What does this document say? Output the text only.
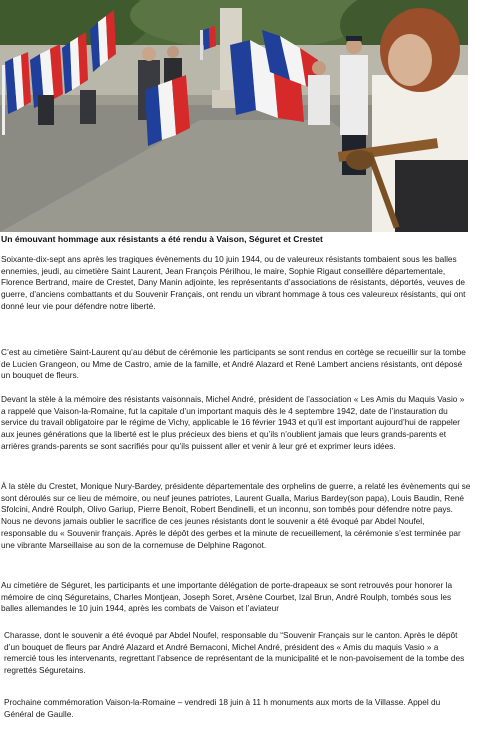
Un émouvant hommage aux résistants a été rendu à Vaison, Séguret et Crestet

Soixante-dix-sept ans après les tragiques évènements du 10 juin 1944, ou de valeureux résistants tombaient sous les balles ennemies, jeudi, au cimetière Saint Laurent, Jean François Périlhou, le maire, Sophie Rigaut conseillère départementale, Florence Bertrand, maire de Crestet, Dany Manin adjointe, les représentants d’associations de résistants, déportés, veuves de guerre, d’anciens combattants et du Souvenir Français, ont rendu un vibrant hommage à tous ces valeureux résistants, qui ont donné leur vie pour défendre notre liberté.

C’est au cimetière Saint-Laurent qu’au début de cérémonie les participants se sont rendus en cortège se recueillir sur la tombe de Lucien Grangeon, ou Mme de Castro, amie de la famille, et André Alazard et René Lambert anciens résistants, ont déposé un bouquet de fleurs.

Devant la stèle à la mémoire des résistants vaisonnais, Michel André, président de l’association « Les Amis du Maquis Vasio » a rappelé que Vaison-la-Romaine, fut la capitale d’un important maquis dès le 4 septembre 1942, date de l’instauration du service du travail obligatoire par le régime de Vichy, applicable le 16 février 1943 et qu’il est important aujourd’hui de rappeler aux jeunes générations que la liberté est le plus précieux des biens et qu’ils n’oublient jamais que leurs grands-parents et arrières grands-parents se sont sacrifiés pour qu’ils puissent aller et venir à leur gré et exprimer leurs idées.

À la stèle du Crestet, Monique Nury-Bardey, présidente départementale des orphelins de guerre, a relaté les évènements qui se sont déroulés sur ce lieu de mémoire, ou neuf jeunes patriotes, Laurent Gualla, Marius Bardey(son papa), Louis Baudin, René Sfolcini, André Roulph, Olivo Gariup, Pierre Benoit, Robert Bendinelli, et un inconnu, son tombés pour défendre notre pays. Nous ne devons jamais oublier le sacrifice de ces jeunes résistants dont le souvenir a été évoqué par Abdel Noufel, responsable du « Souvenir français. Après le dépôt des gerbes et la minute de recueillement, la cérémonie s’est terminée par une vibrante Marseillaise au son de la cornemuse de Delphine Ragonot.

Au cimetière de Séguret, les participants et une importante délégation de porte-drapeaux se sont retrouvés pour honorer la mémoire de cinq Séguretains, Charles Montjean, Joseph Soret, Arsène Courbet, Izal Brun, André Roulph, tombés sous les balles allemandes le 10 juin 1944, après les combats de Vaison et l’aviateur

Charasse, dont le souvenir a été évoqué par Abdel Noufel, responsable du “Souvenir Français sur le canton. Après le dépôt d’un bouquet de fleurs par André Alazard et André Bernaconi, Michel André, président des « Amis du maquis Vasio » a remercié tous les intervenants, regrettant l’absence de représentant de la municipalité et le non-pavoisement de la tombe des regrettés Séguretains.

Prochaine commémoration Vaison-la-Romaine – vendredi 18 juin à 11 h monuments aux morts de la Villasse. Appel du Général de Gaulle.
